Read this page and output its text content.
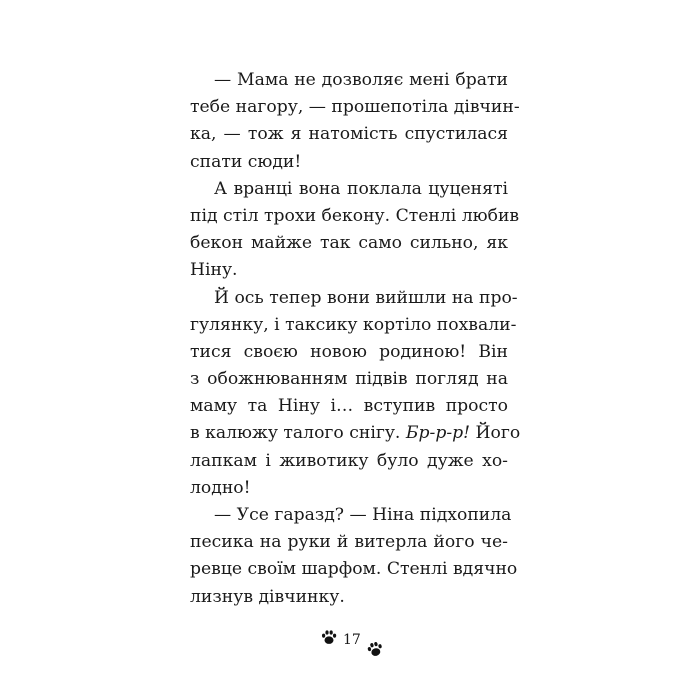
— Мама не дозволяє мені брати
тебе нагору, — прошепотіла дівчин-
ка, — тож я натомість спустилася
спати сюди!
А вранці вона поклала цуценяті
під стіл трохи бекону. Стенлі любив
бекон майже так само сильно, як
Ніну.
Й ось тепер вони вийшли на про-
гулянку, і таксику кортіло похвали-
тися своєю новою родиною! Він
з обожнюванням підвів погляд на
маму та Ніну і… вступив просто
в калюжу талого снігу. Бр-р-р! Його
лапкам і животику було дуже хо-
лодно!
— Усе гаразд? — Ніна підхопила
песика на руки й витерла його че-
ревце своїм шарфом. Стенлі вдячно
лизнув дівчинку.
17
